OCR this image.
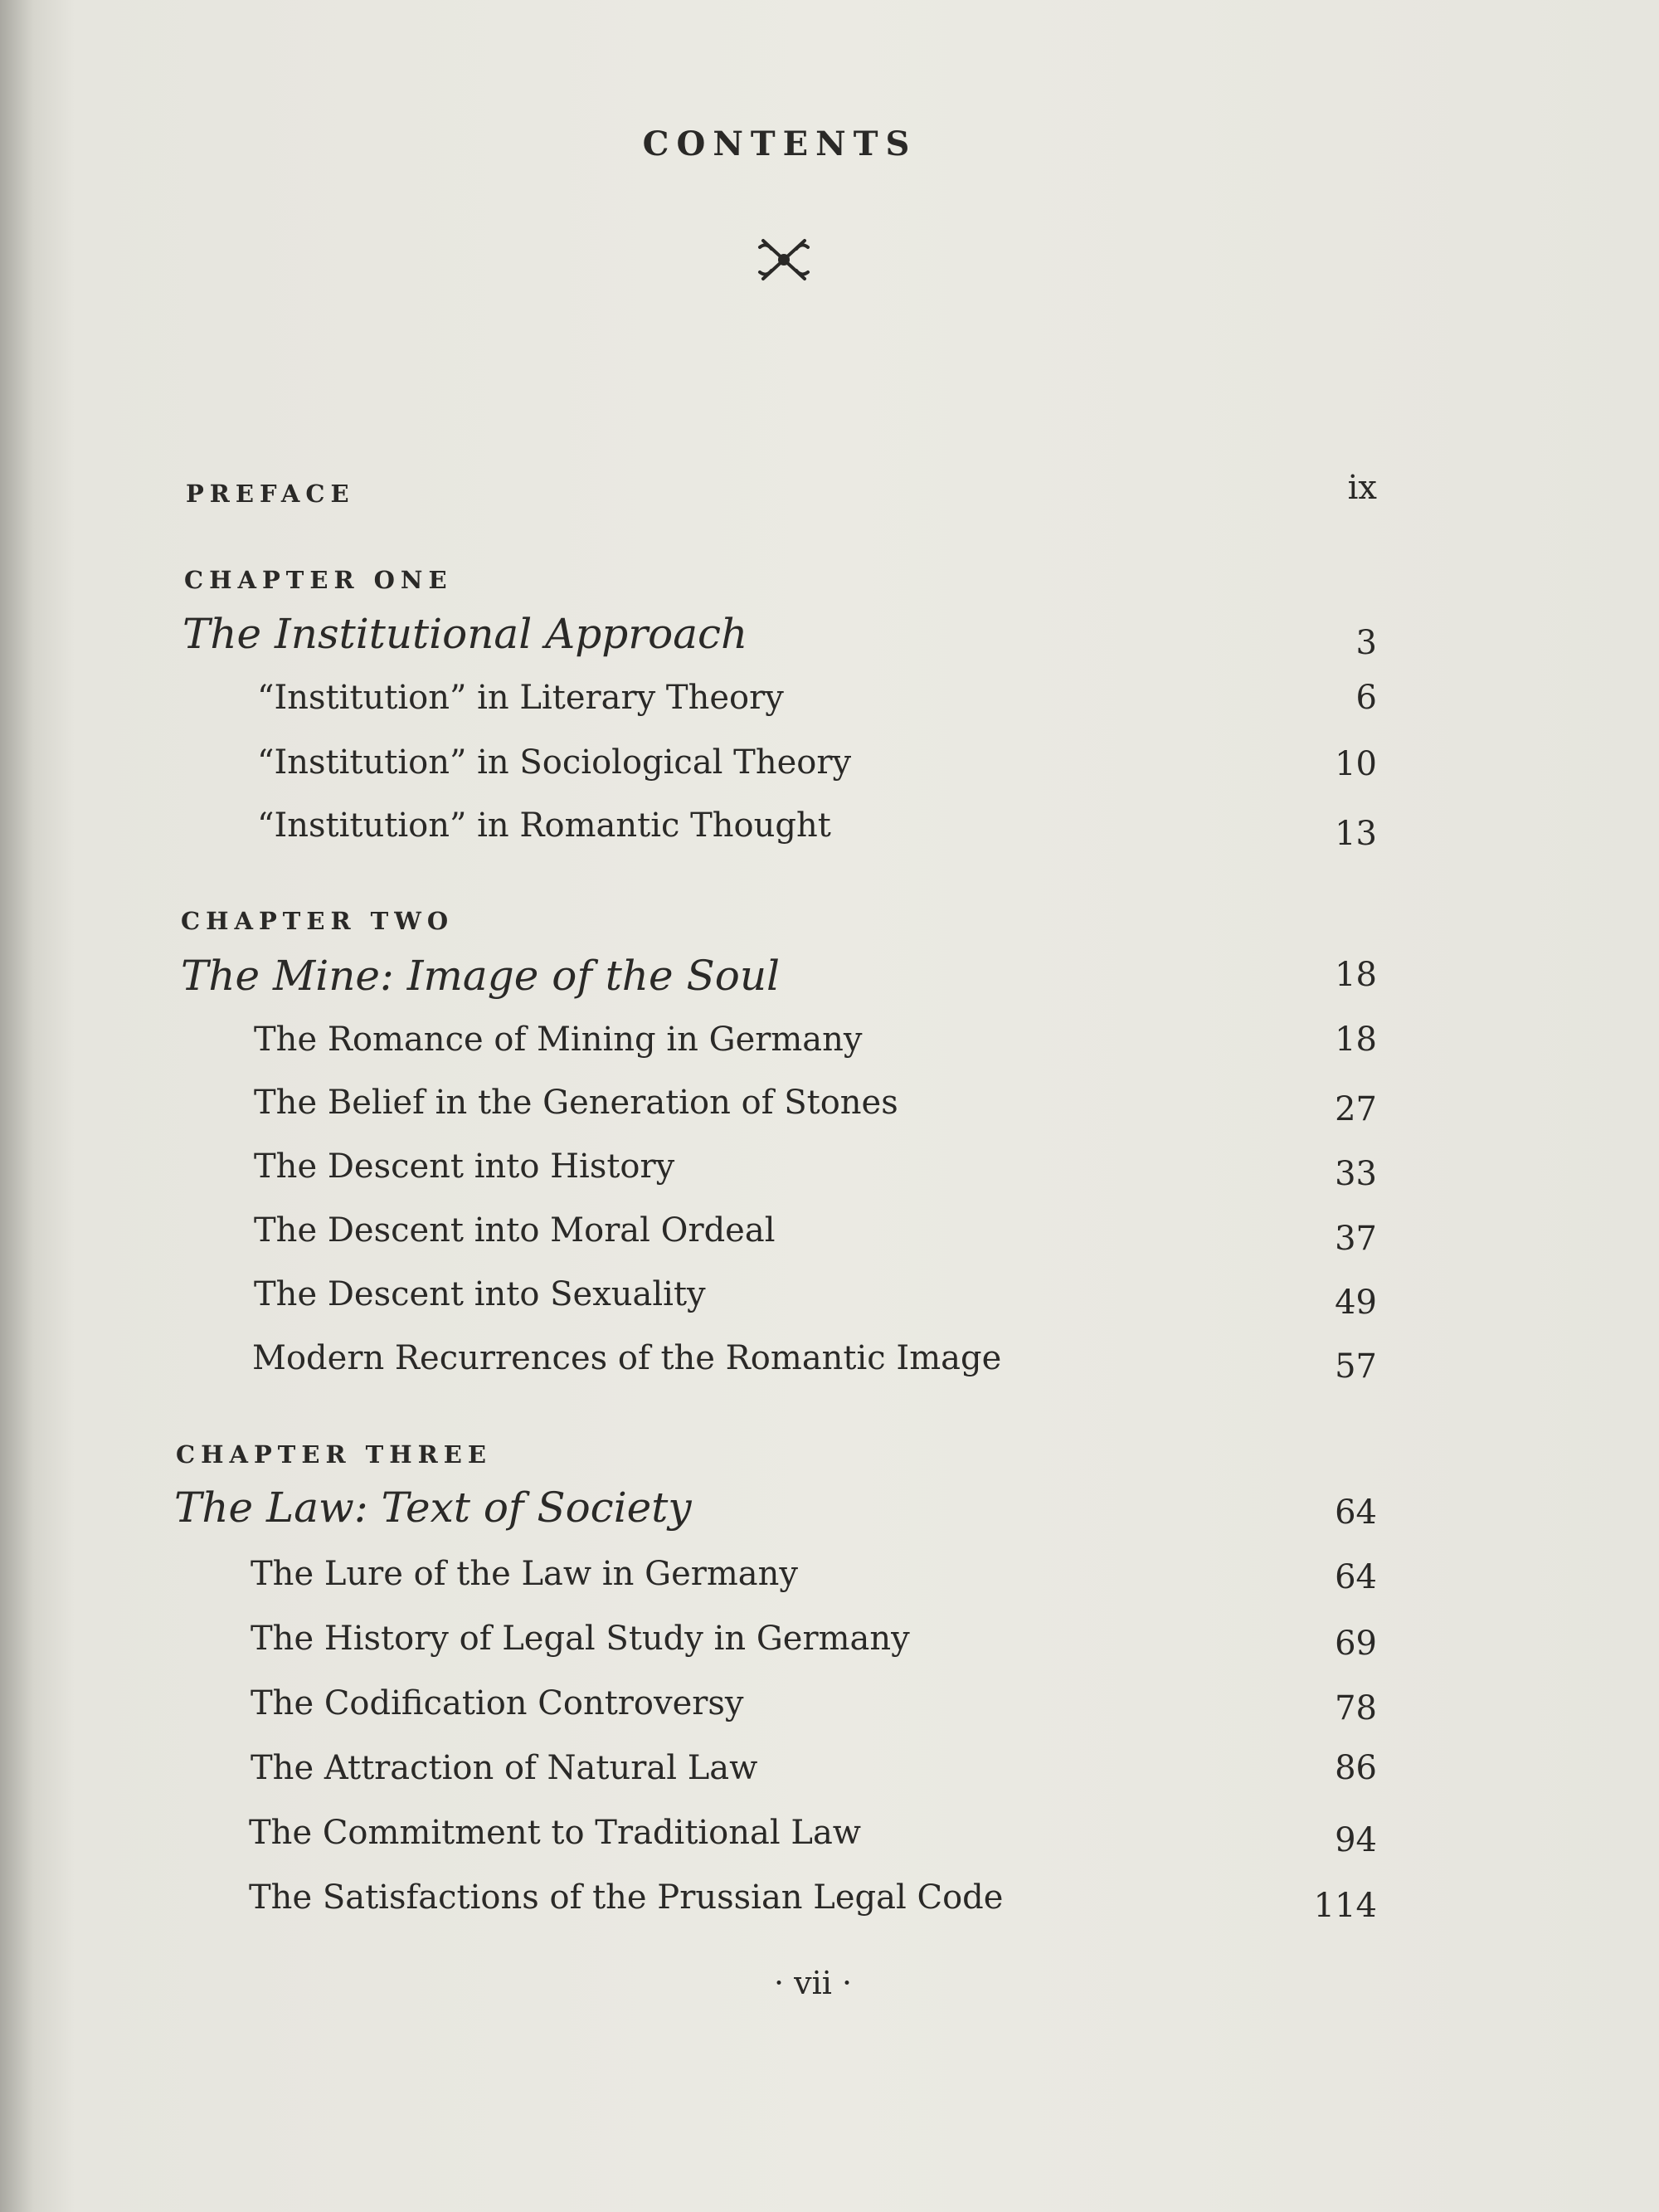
CONTENTS
PREFACE	ix
CHAPTER ONE
The Institutional Approach	3
“Institution” in Literary Theory	6
“Institution” in Sociological Theory	10
“Institution” in Romantic Thought	13
CHAPTER TWO
The Mine: Image of the Soul	18
The Romance of Mining in Germany	18
The Belief in the Generation of Stones	27
The Descent into History	33
The Descent into Moral Ordeal	37
The Descent into Sexuality	49
Modern Recurrences of the Romantic Image	57
CHAPTER THREE
The Law: Text of Society	64
The Lure of the Law in Germany	64
The History of Legal Study in Germany	69
The Codification Controversy	78
The Attraction of Natural Law	86
The Commitment to Traditional Law	94
The Satisfactions of the Prussian Legal Code	114
· vii ·
